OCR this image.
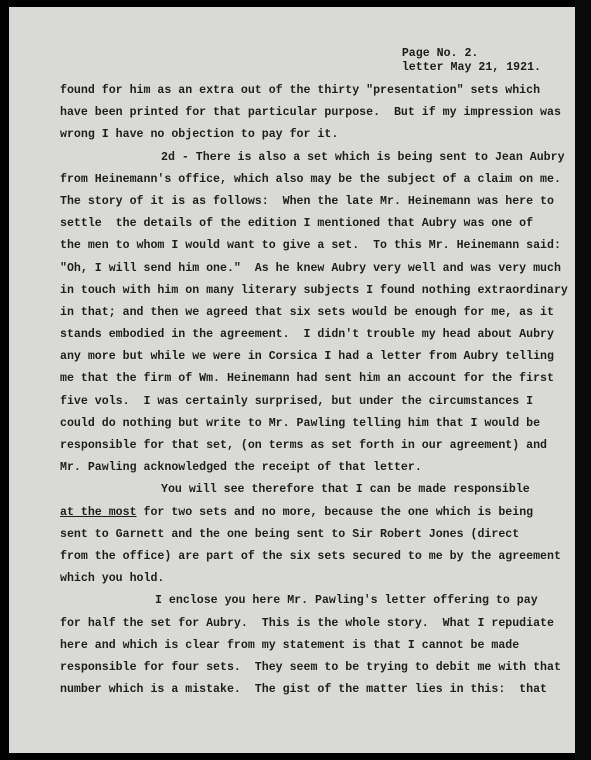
Page No. 2.
letter May 21, 1921.
found for him as an extra out of the thirty "presentation" sets which
have been printed for that particular purpose.  But if my impression was
wrong I have no objection to pay for it.
2d - There is also a set which is being sent to Jean Aubry
from Heinemann's office, which also may be the subject of a claim on me.
The story of it is as follows:  When the late Mr. Heinemann was here to
settle  the details of the edition I mentioned that Aubry was one of
the men to whom I would want to give a set.  To this Mr. Heinemann said:
"Oh, I will send him one."  As he knew Aubry very well and was very much
in touch with him on many literary subjects I found nothing extraordinary
in that; and then we agreed that six sets would be enough for me, as it
stands embodied in the agreement.  I didn't trouble my head about Aubry
any more but while we were in Corsica I had a letter from Aubry telling
me that the firm of Wm. Heinemann had sent him an account for the first
five vols.  I was certainly surprised, but under the circumstances I
could do nothing but write to Mr. Pawling telling him that I would be
responsible for that set, (on terms as set forth in our agreement) and
Mr. Pawling acknowledged the receipt of that letter.
You will see therefore that I can be made responsible
at the most for two sets and no more, because the one which is being
sent to Garnett and the one being sent to Sir Robert Jones (direct
from the office) are part of the six sets secured to me by the agreement
which you hold.
I enclose you here Mr. Pawling's letter offering to pay
for half the set for Aubry.  This is the whole story.  What I repudiate
here and which is clear from my statement is that I cannot be made
responsible for four sets.  They seem to be trying to debit me with that
number which is a mistake.  The gist of the matter lies in this:  that
